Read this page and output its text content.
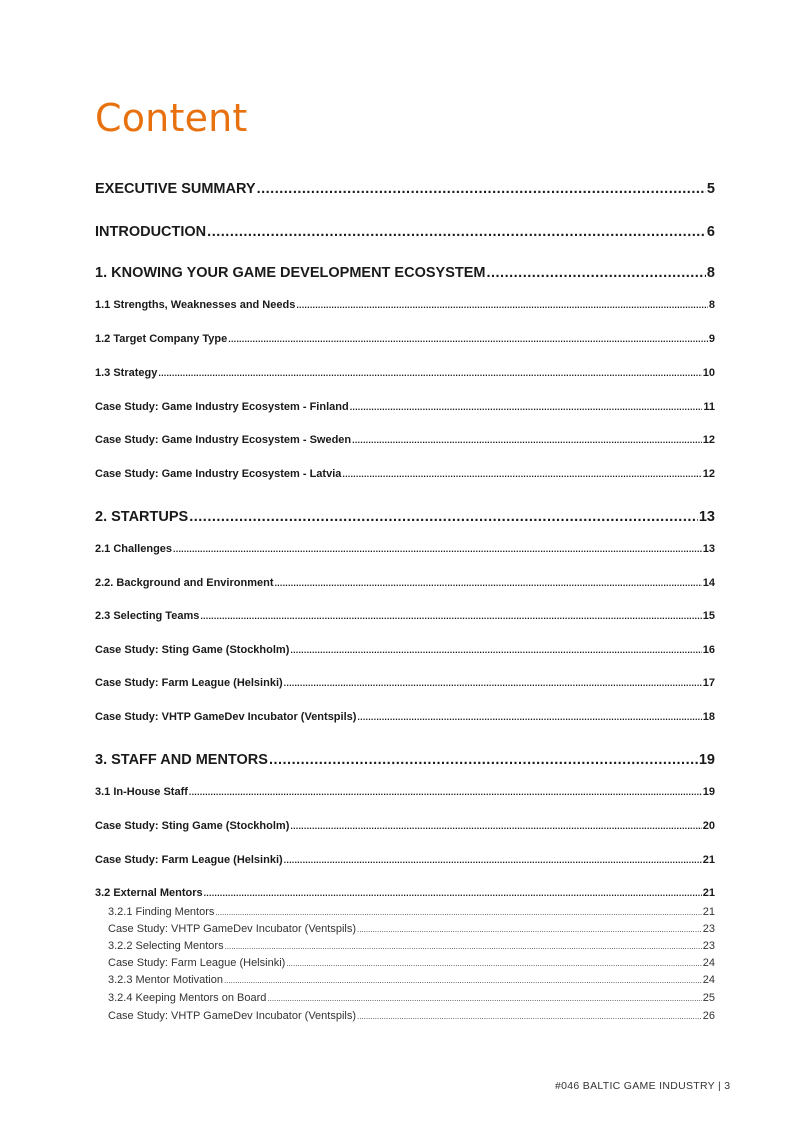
Content
EXECUTIVE SUMMARY .....	5
INTRODUCTION .....	6
1. KNOWING YOUR GAME DEVELOPMENT ECOSYSTEM .....	8
1.1 Strengths, Weaknesses and Needs .....	8
1.2 Target Company Type .....	9
1.3 Strategy .....	10
Case Study: Game Industry Ecosystem - Finland .....	11
Case Study: Game Industry Ecosystem - Sweden .....	12
Case Study: Game Industry Ecosystem - Latvia .....	12
2. STARTUPS .....	13
2.1 Challenges .....	13
2.2. Background and Environment .....	14
2.3 Selecting Teams .....	15
Case Study: Sting Game (Stockholm) .....	16
Case Study: Farm League (Helsinki) .....	17
Case Study: VHTP GameDev Incubator (Ventspils) .....	18
3. STAFF AND MENTORS .....	19
3.1 In-House Staff .....	19
Case Study: Sting Game (Stockholm) .....	20
Case Study: Farm League (Helsinki) .....	21
3.2 External Mentors .....	21
3.2.1 Finding Mentors .....	21
Case Study: VHTP GameDev Incubator (Ventspils) .....	23
3.2.2 Selecting Mentors .....	23
Case Study: Farm League (Helsinki) .....	24
3.2.3 Mentor Motivation .....	24
3.2.4 Keeping Mentors on Board .....	25
Case Study: VHTP GameDev Incubator (Ventspils) .....	26
#046 BALTIC GAME INDUSTRY | 3
